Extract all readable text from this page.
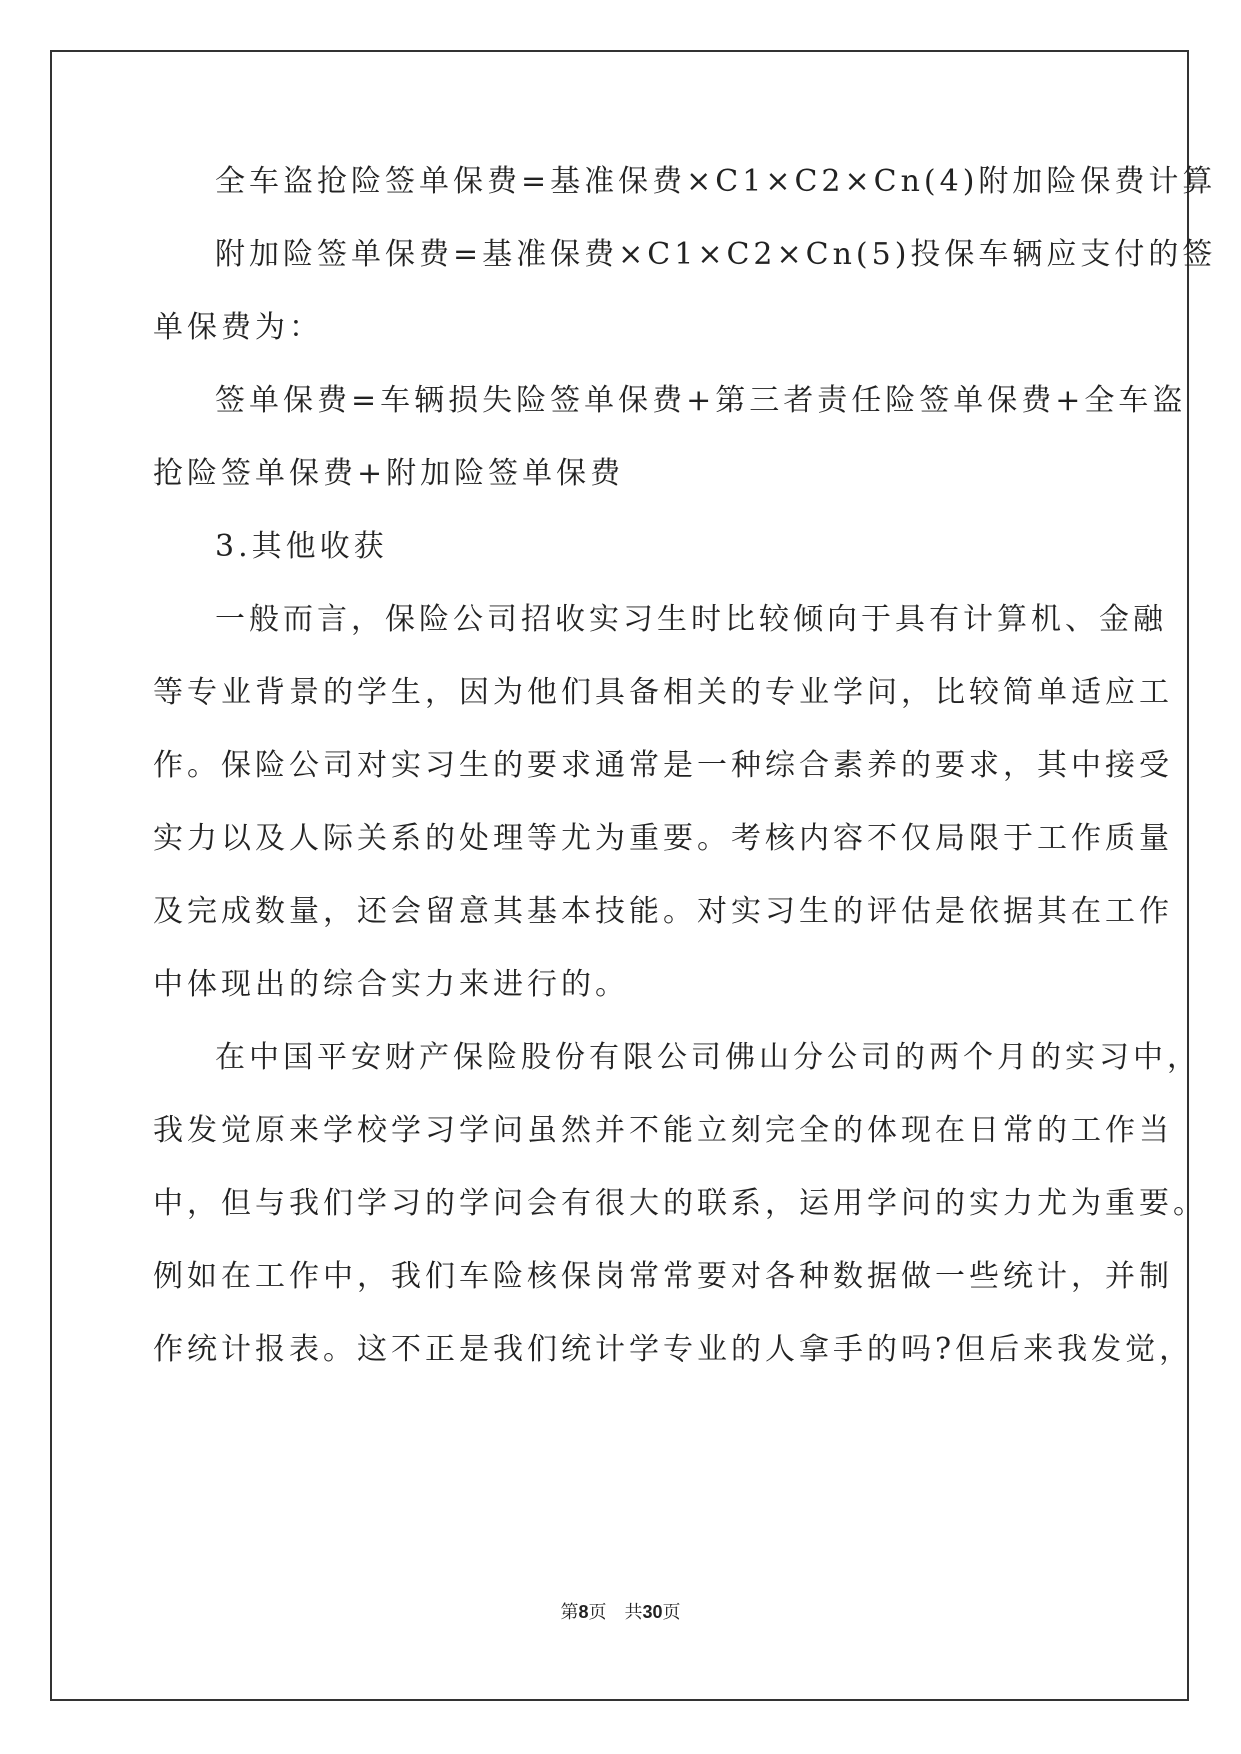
全车盗抢险签单保费=基准保费×C1×C2×Cn(4)附加险保费计算
附加险签单保费=基准保费×C1×C2×Cn(5)投保车辆应支付的签
单保费为：
签单保费=车辆损失险签单保费+第三者责任险签单保费+全车盗
抢险签单保费+附加险签单保费
3.其他收获
一般而言，保险公司招收实习生时比较倾向于具有计算机、金融
等专业背景的学生，因为他们具备相关的专业学问，比较简单适应工
作。保险公司对实习生的要求通常是一种综合素养的要求，其中接受
实力以及人际关系的处理等尤为重要。考核内容不仅局限于工作质量
及完成数量，还会留意其基本技能。对实习生的评估是依据其在工作
中体现出的综合实力来进行的。
在中国平安财产保险股份有限公司佛山分公司的两个月的实习中，
我发觉原来学校学习学问虽然并不能立刻完全的体现在日常的工作当
中，但与我们学习的学问会有很大的联系，运用学问的实力尤为重要。
例如在工作中，我们车险核保岗常常要对各种数据做一些统计，并制
作统计报表。这不正是我们统计学专业的人拿手的吗?但后来我发觉，
第8页　共30页
